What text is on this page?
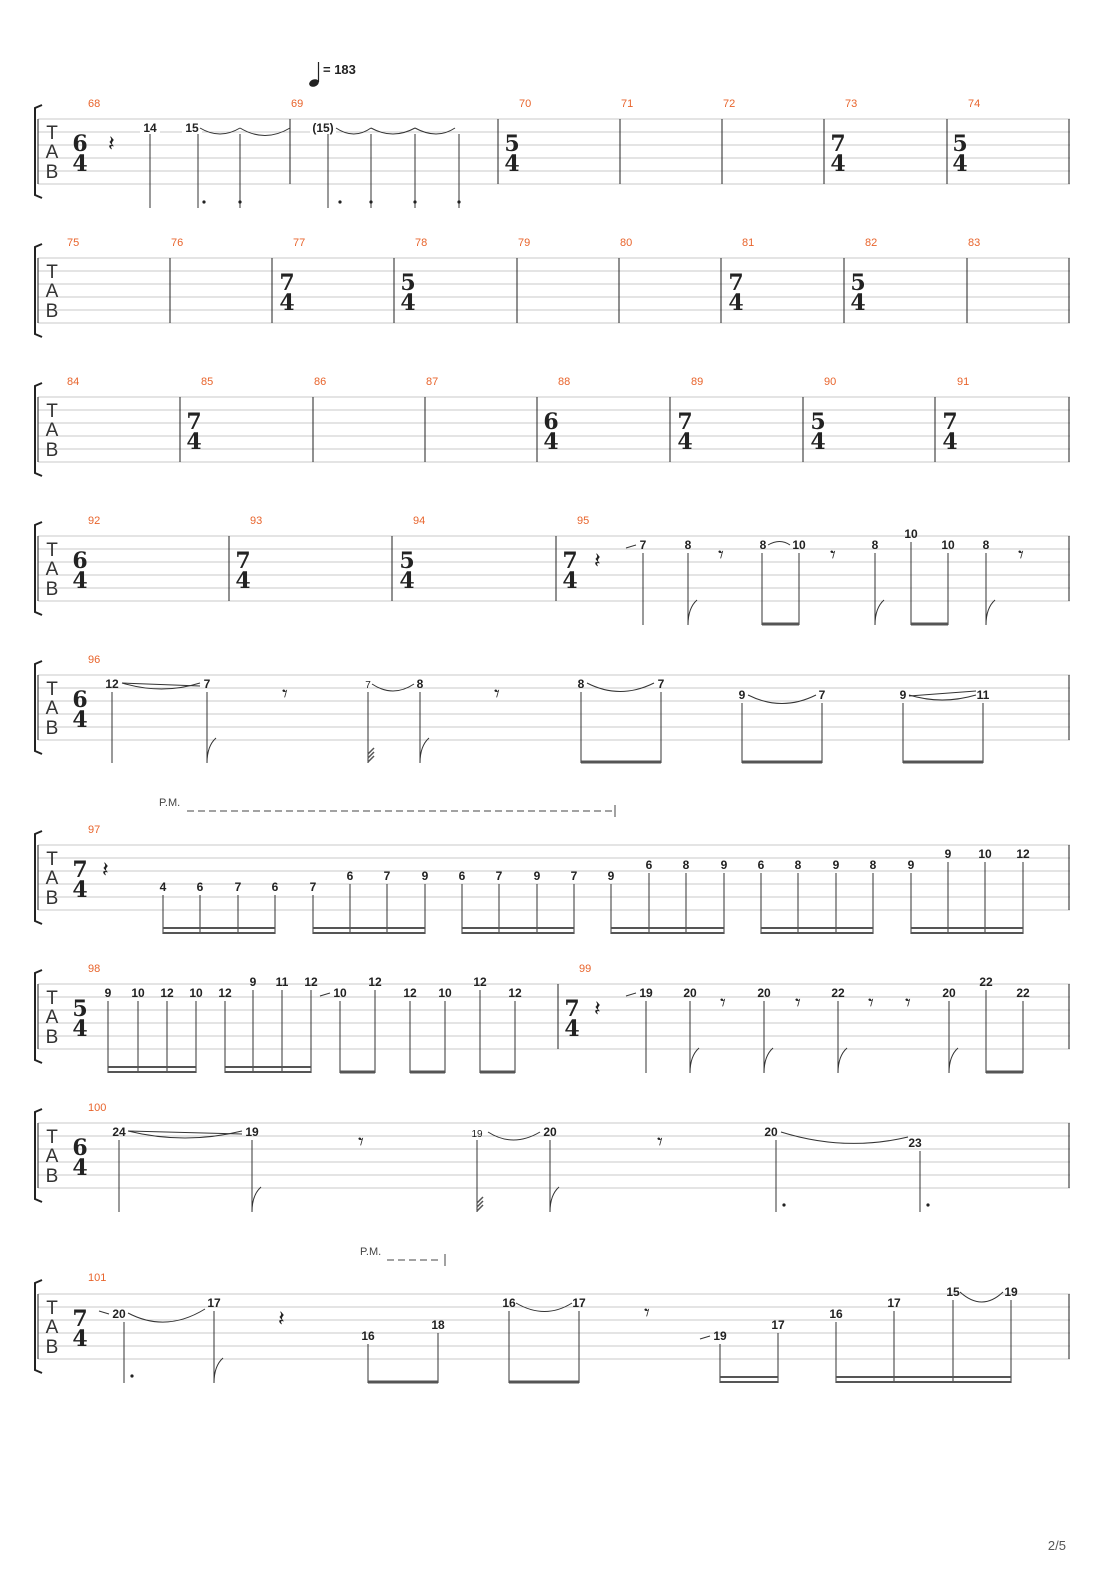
= 183
T
A
B
68	69	70	71	72	73	74
6
4
5
4
7
4
5
4
𝄽
14 15	(15)
T
A
B
75	76	77	78	79	80	81	82	83
7
4
5
4
7
4
5
4
T
A
B
84	85	86	87	88	89	90	91
7
4
6
4
7
4
5
4
7
4
T
A
B
92	93	94	95
6
4
7
4
5
4
7
4
𝄽	𝄾	𝄾	𝄾
7	8	8 10	8
10
10 8
T
A
B
96
6
4
𝄾	𝄾
12	7	7	8	8	7
9	7	9	11
P.M.
T
A
B
97
7
4
𝄽
4	6	7	6	7
6	7	9	6	7	9	7	9
6	8	9	6	8	9	8	9
9 10 12
T
A
B
98	99
5
4
7
4
𝄽	𝄾	𝄾	𝄾 𝄾
9 10 12 10 12
9 11 12
10
12
12 10
12
12	19	20	20	22	20
22
22
T
A
B
100
6
4
𝄾	𝄾
24	19	19	20	20
23
P.M.
T
A
B
101
7
4
𝄽	𝄾
20
17
16
18
16	17
19
17
16
17
15	19
2/5
